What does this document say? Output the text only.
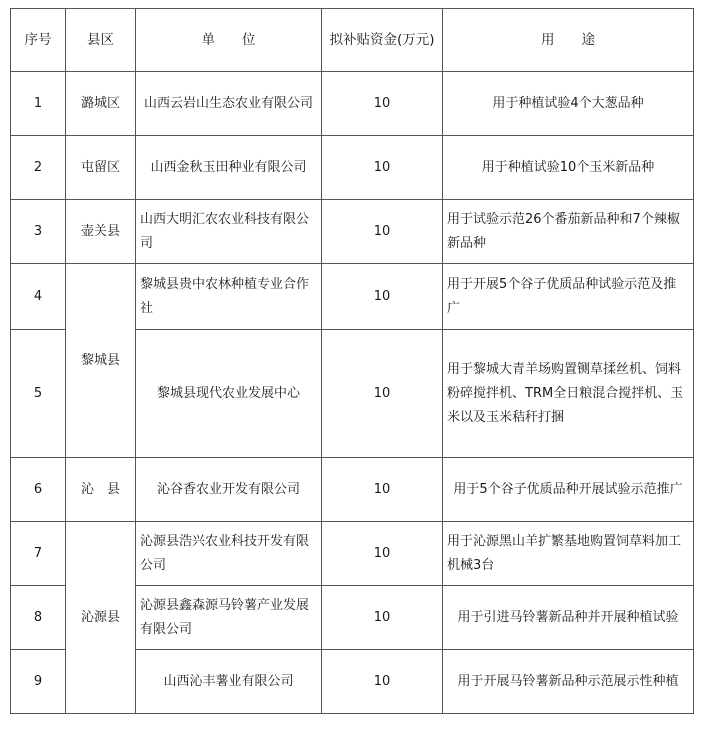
序号	县区	单　　位	拟补贴资金(万元)	用　　途
1	潞城区	山西云岩山生态农业有限公司	10	用于种植试验4个大葱品种
2	屯留区	山西金秋玉田种业有限公司	10	用于种植试验10个玉米新品种
3	壶关县	山西大明汇农农业科技有限公司	10	用于试验示范26个番茄新品种和7个辣椒　新品种
4	黎城县	黎城县贵中农林种植专业合作社	10	用于开展5个谷子优质品种试验示范及推广
5		黎城县现代农业发展中心	10	用于黎城大青羊场购置铡草揉丝机、饲料粉碎搅拌机、TRM全日粮混合搅拌机、玉米以及玉米秸秆打捆
6	沁　县	沁谷香农业开发有限公司	10	用于5个谷子优质品种开展试验示范推广
7	沁源县	沁源县浩兴农业科技开发有限公司	10	用于沁源黑山羊扩繁基地购置饲草料加工机械3台
8		沁源县鑫森源马铃薯产业发展有限公司	10	用于引进马铃薯新品种并开展种植试验
9		山西沁丰薯业有限公司	10	用于开展马铃薯新品种示范展示性种植
